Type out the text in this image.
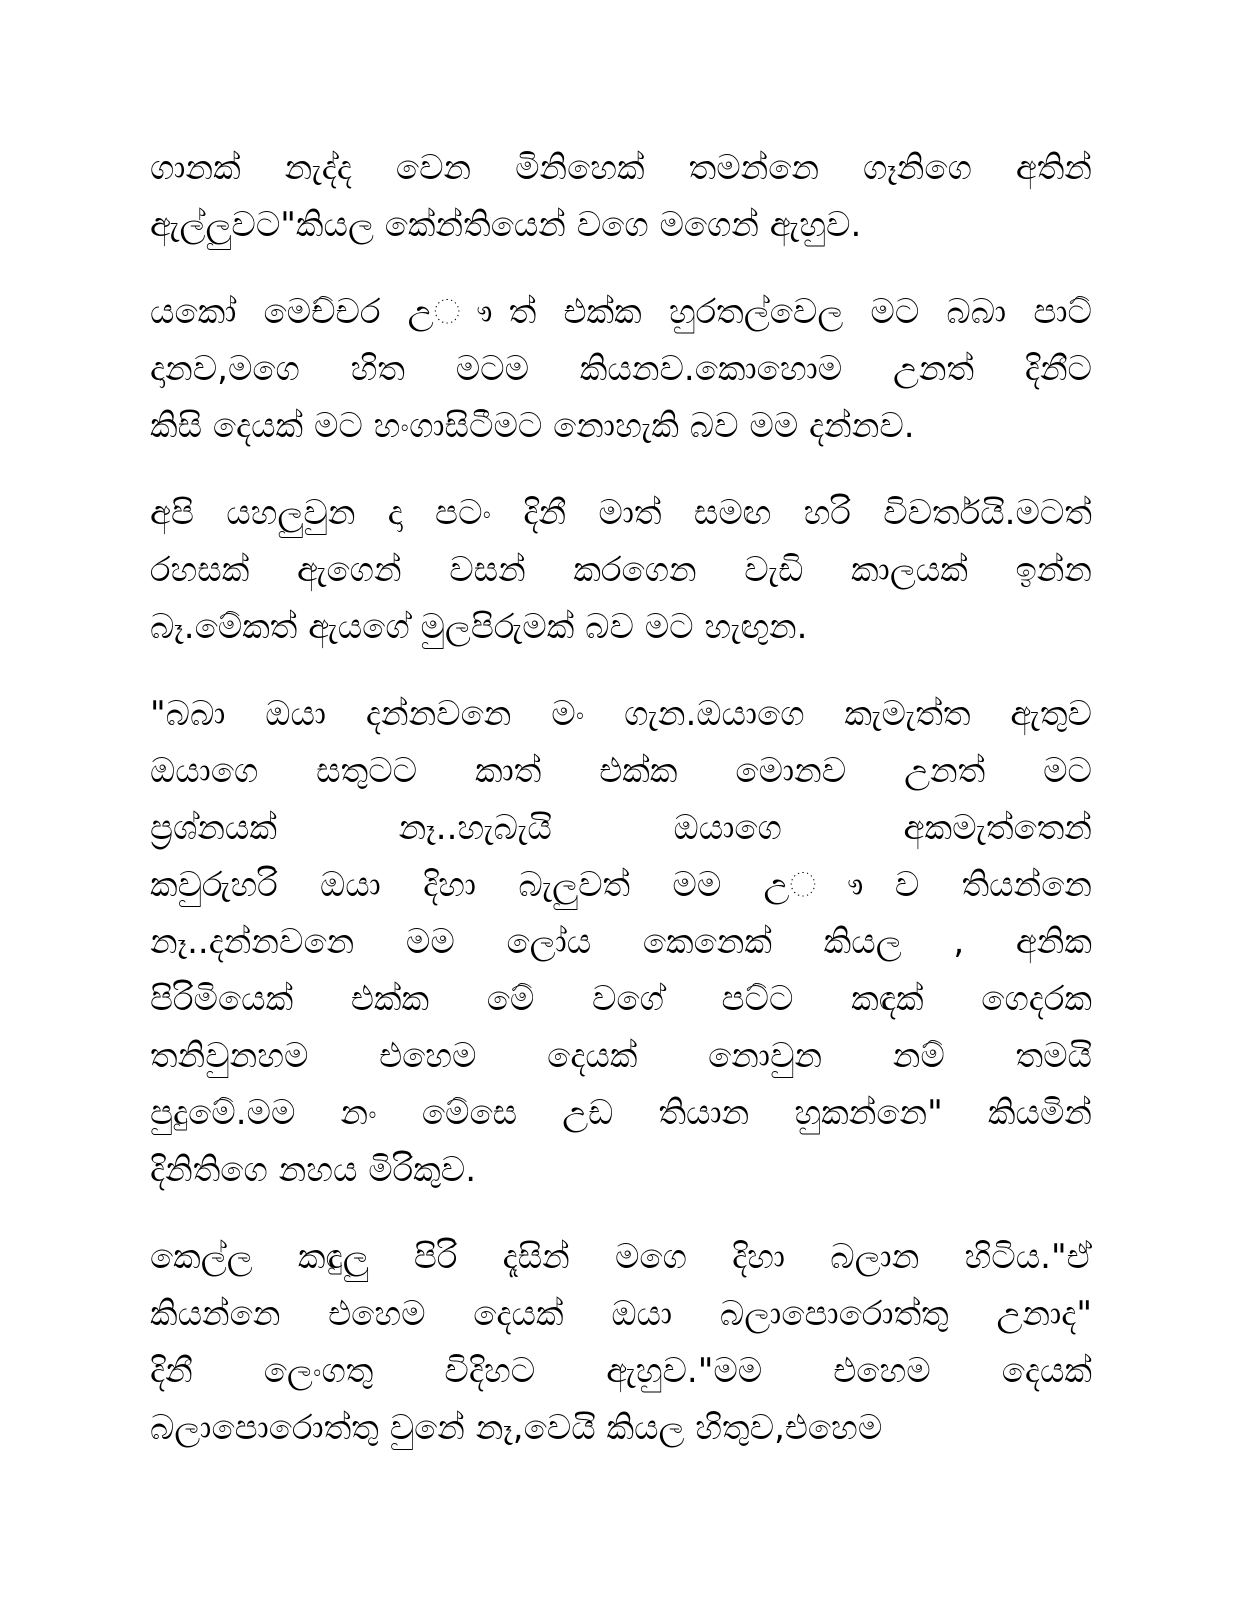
ගානක් නැද්ද වෙන මිනිහෙක් තමන්නෙ ගෑනිගෙ අතින්
ඇල්ලුවට"කියල කේන්තියෙන් වගෙ මගෙන් ඇහුව.
යකෝ මෙච්චර උ◌ෟත් එක්ක හුරතල්වෙල මට බබා පාට්
දානව,මගෙ හිත මටම කියනව.කොහොම උනත් දිනීට
කිසි දෙයක් මට හංගාසිටීමට නොහැකි බව මම දන්නව.
අපි යහලුවුන දා පටං දිනී මාත් සමඟ හරි විවර්තයි.මටත්
රහසක් ඇගෙන් වසන් කරගෙන වැඩි කාලයක් ඉන්න
බෑ.මේකත් ඇයගේ මුලපිරුමක් බව මට හැඟුන.
"බබා ඔයා දන්නවනෙ මං ගැන.ඔයාගෙ කැමැත්ත ඇතුව
ඔයාගෙ සතුටට කාත් එක්ක මොනව උනත් මට
ප්‍රශ්නයක් නෑ..හැබැයි ඔයාගෙ අකමැත්තෙන්
කවුරුහරි ඔයා දිහා බැලුවත් මම උ◌ෟව තියන්නෙ
නෑ..දන්නවනෙ මම ලෝය කෙනෙක් කියල , අනික
පිරිමියෙක් එක්ක මේ වගේ පට්ට කඳක් ගෙදරක
තනිවුනහම එහෙම දෙයක් නොවුන නම් තමයි
පුදුමේ.මම නං මේසෙ උඩ තියාන හුකන්නෙ" කියමින්
දිනිතිගෙ නහය මිරිකුව.
කෙල්ල කඳුලු පිරි දෑසින් මගෙ දිහා බලාන හිටිය."ඒ
කියන්නෙ එහෙම දෙයක් ඔයා බලාපොරොත්තු උනාද"
දිනී ලෙංගතු විදිහට ඇහුව."මම එහෙම දෙයක්
බලාපොරොත්තු වුනේ නෑ,වෙයි කියල හිතුව,එහෙම
